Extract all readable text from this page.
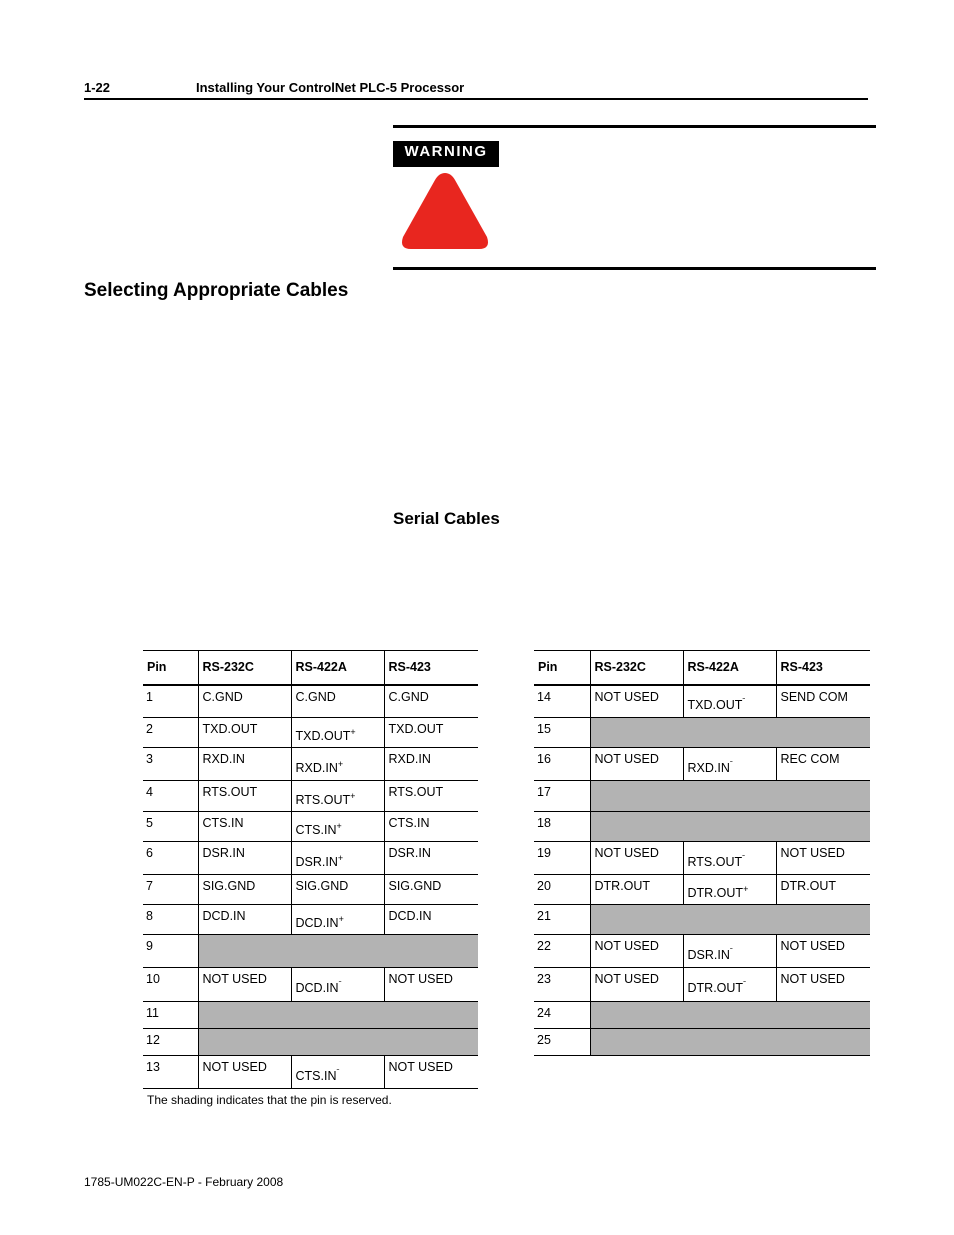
1-22	Installing Your ControlNet PLC-5 Processor
WARNING
Selecting Appropriate Cables
Serial Cables
Pin	RS-232C	RS-422A	RS-423
1	C.GND	C.GND	C.GND
2	TXD.OUT	TXD.OUT+	TXD.OUT
3	RXD.IN	RXD.IN+	RXD.IN
4	RTS.OUT	RTS.OUT+	RTS.OUT
5	CTS.IN	CTS.IN+	CTS.IN
6	DSR.IN	DSR.IN+	DSR.IN
7	SIG.GND	SIG.GND	SIG.GND
8	DCD.IN	DCD.IN+	DCD.IN
9			
10	NOT USED	$DCD.IN^ˉ$	NOT USED
11			
12			
13	NOT USED	$CTS.IN^ˉ$	NOT USED
Pin	RS-232C	RS-422A	RS-423
14	NOT USED	$TXD.OUT^ˉ$	SEND COM
15			
16	NOT USED	$RXD.IN^ˉ$	REC COM
17			
18			
19	NOT USED	$RTS.OUT^ˉ$	NOT USED
20	DTR.OUT	DTR.OUT+	DTR.OUT
21			
22	NOT USED	$DSR.IN^ˉ$	NOT USED
23	NOT USED	$DTR.OUT^ˉ$	NOT USED
24			
25			
The shading indicates that the pin is reserved.
1785-UM022C-EN-P - February 2008
